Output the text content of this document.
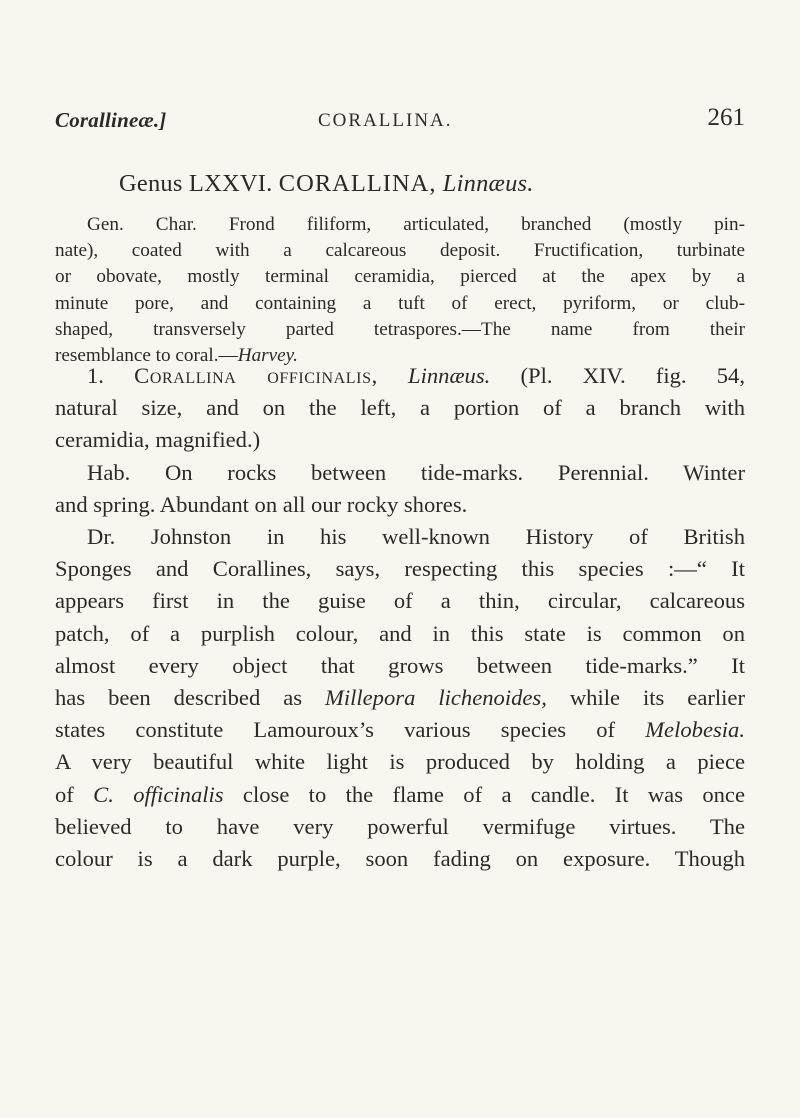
Corallineæ.]	CORALLINA.	261
Genus LXXVI. CORALLINA, Linnæus.
Gen. Char. Frond filiform, articulated, branched (mostly pin-
nate), coated with a calcareous deposit. Fructification, turbinate
or obovate, mostly terminal ceramidia, pierced at the apex by a
minute pore, and containing a tuft of erect, pyriform, or club-
shaped, transversely parted tetraspores.—The name from their
resemblance to coral.—Harvey.
1. Corallina officinalis, Linnæus. (Pl. XIV. fig. 54,
natural size, and on the left, a portion of a branch with
ceramidia, magnified.)
Hab. On rocks between tide-marks. Perennial. Winter
and spring. Abundant on all our rocky shores.
Dr. Johnston in his well-known History of British
Sponges and Corallines, says, respecting this species :—“ It
appears first in the guise of a thin, circular, calcareous
patch, of a purplish colour, and in this state is common on
almost every object that grows between tide-marks.” It
has been described as Millepora lichenoides, while its earlier
states constitute Lamouroux’s various species of Melobesia.
A very beautiful white light is produced by holding a piece
of C. officinalis close to the flame of a candle. It was once
believed to have very powerful vermifuge virtues. The
colour is a dark purple, soon fading on exposure. Though
